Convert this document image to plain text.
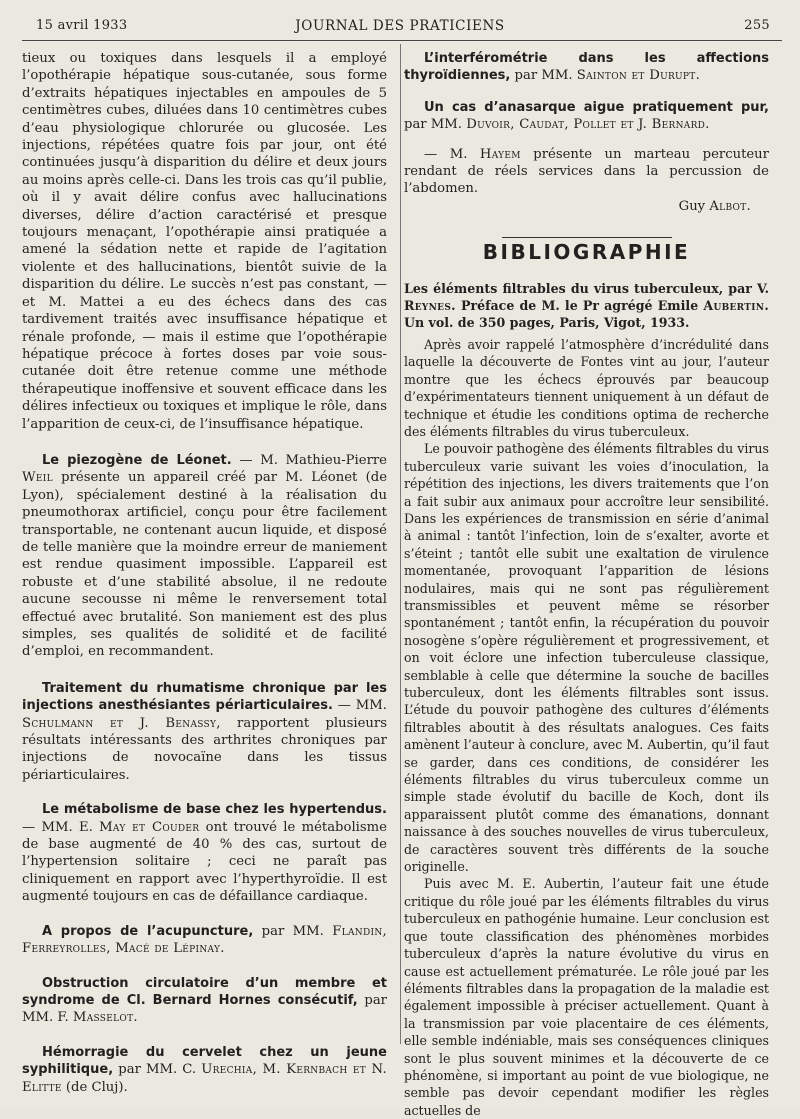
15 avril 1933	JOURNAL DES PRATICIENS	255

tieux ou toxiques dans lesquels il a employé l’opothérapie hépatique sous-cutanée, sous forme d’extraits hépatiques injectables en ampoules de 5 centimètres cubes, diluées dans 10 centimètres cubes d’eau physiologique chlorurée ou glucosée. Les injections, répétées quatre fois par jour, ont été continuées jusqu’à disparition du délire et deux jours au moins après celle-ci. Dans les trois cas qu’il publie, où il y avait délire confus avec hallucinations diverses, délire d’action caractérisé et presque toujours menaçant, l’opothérapie ainsi pratiquée a amené la sédation nette et rapide de l’agitation violente et des hallucinations, bientôt suivie de la disparition du délire. Le succès n’est pas constant, — et M. Mattei a eu des échecs dans des cas tardivement traités avec insuffisance hépatique et rénale profonde, — mais il estime que l’opothérapie hépatique précoce à fortes doses par voie sous-cutanée doit être retenue comme une méthode thérapeutique inoffensive et souvent efficace dans les délires infectieux ou toxiques et implique le rôle, dans l’apparition de ceux-ci, de l’insuffisance hépatique.

Le piezogène de Léonet. — M. Mathieu-Pierre Weil présente un appareil créé par M. Léonet (de Lyon), spécialement destiné à la réalisation du pneumothorax artificiel, conçu pour être facilement transportable, ne contenant aucun liquide, et disposé de telle manière que la moindre erreur de maniement est rendue quasiment impossible. L’appareil est robuste et d’une stabilité absolue, il ne redoute aucune secousse ni même le renversement total effectué avec brutalité. Son maniement est des plus simples, ses qualités de solidité et de facilité d’emploi, en recommandent.

Traitement du rhumatisme chronique par les injections anesthésiantes périarticulaires. — MM. Schulmann et J. Benassy, rapportent plusieurs résultats intéressants des arthrites chroniques par injections de novocaïne dans les tissus périarticulaires.

Le métabolisme de base chez les hypertendus. — MM. E. May et Couder ont trouvé le métabolisme de base augmenté de 40 % des cas, surtout de l’hypertension solitaire ; ceci ne paraît pas cliniquement en rapport avec l’hyperthyroïdie. Il est augmenté toujours en cas de défaillance cardiaque.

A propos de l’acupuncture, par MM. Flandin, Ferreyrolles, Macé de Lépinay.

Obstruction circulatoire d’un membre et syndrome de Cl. Bernard Hornes consécutif, par MM. F. Masselot.

Hémorragie du cervelet chez un jeune syphilitique, par MM. C. Urechia, M. Kernbach et N. Elitte (de Cluj).

L’interférométrie dans les affections thyroïdiennes, par MM. Sainton et Durupt.

Un cas d’anasarque aigue pratiquement pur, par MM. Duvoir, Caudat, Pollet et J. Bernard.

— M. Hayem présente un marteau percuteur rendant de réels services dans la percussion de l’abdomen.

Guy Albot.

BIBLIOGRAPHIE

Les éléments filtrables du virus tuberculeux, par V. Reynes. Préface de M. le Pr agrégé Emile Aubertin. Un vol. de 350 pages, Paris, Vigot, 1933.

Après avoir rappelé l’atmosphère d’incrédulité dans laquelle la découverte de Fontes vint au jour, l’auteur montre que les échecs éprouvés par beaucoup d’expérimentateurs tiennent uniquement à un défaut de technique et étudie les conditions optima de recherche des éléments filtrables du virus tuberculeux.

Le pouvoir pathogène des éléments filtrables du virus tuberculeux varie suivant les voies d’inoculation, la répétition des injections, les divers traitements que l’on a fait subir aux animaux pour accroître leur sensibilité. Dans les expériences de transmission en série d’animal à animal : tantôt l’infection, loin de s’exalter, avorte et s’éteint ; tantôt elle subit une exaltation de virulence momentanée, provoquant l’apparition de lésions nodulaires, mais qui ne sont pas régulièrement transmissibles et peuvent même se résorber spontanément ; tantôt enfin, la récupération du pouvoir nosogène s’opère régulièrement et progressivement, et on voit éclore une infection tuberculeuse classique, semblable à celle que détermine la souche de bacilles tuberculeux, dont les éléments filtrables sont issus. L’étude du pouvoir pathogène des cultures d’éléments filtrables aboutit à des résultats analogues. Ces faits amènent l’auteur à conclure, avec M. Aubertin, qu’il faut se garder, dans ces conditions, de considérer les éléments filtrables du virus tuberculeux comme un simple stade évolutif du bacille de Koch, dont ils apparaissent plutôt comme des émanations, donnant naissance à des souches nouvelles de virus tuberculeux, de caractères souvent très différents de la souche originelle.

Puis avec M. E. Aubertin, l’auteur fait une étude critique du rôle joué par les éléments filtrables du virus tuberculeux en pathogénie humaine. Leur conclusion est que toute classification des phénomènes morbides tuberculeux d’après la nature évolutive du virus en cause est actuellement prématurée. Le rôle joué par les éléments filtrables dans la propagation de la maladie est également impossible à préciser actuellement. Quant à la transmission par voie placentaire de ces éléments, elle semble indéniable, mais ses conséquences cliniques sont le plus souvent minimes et la découverte de ce phénomène, si important au point de vue biologique, ne semble pas devoir cependant modifier les règles actuelles de
